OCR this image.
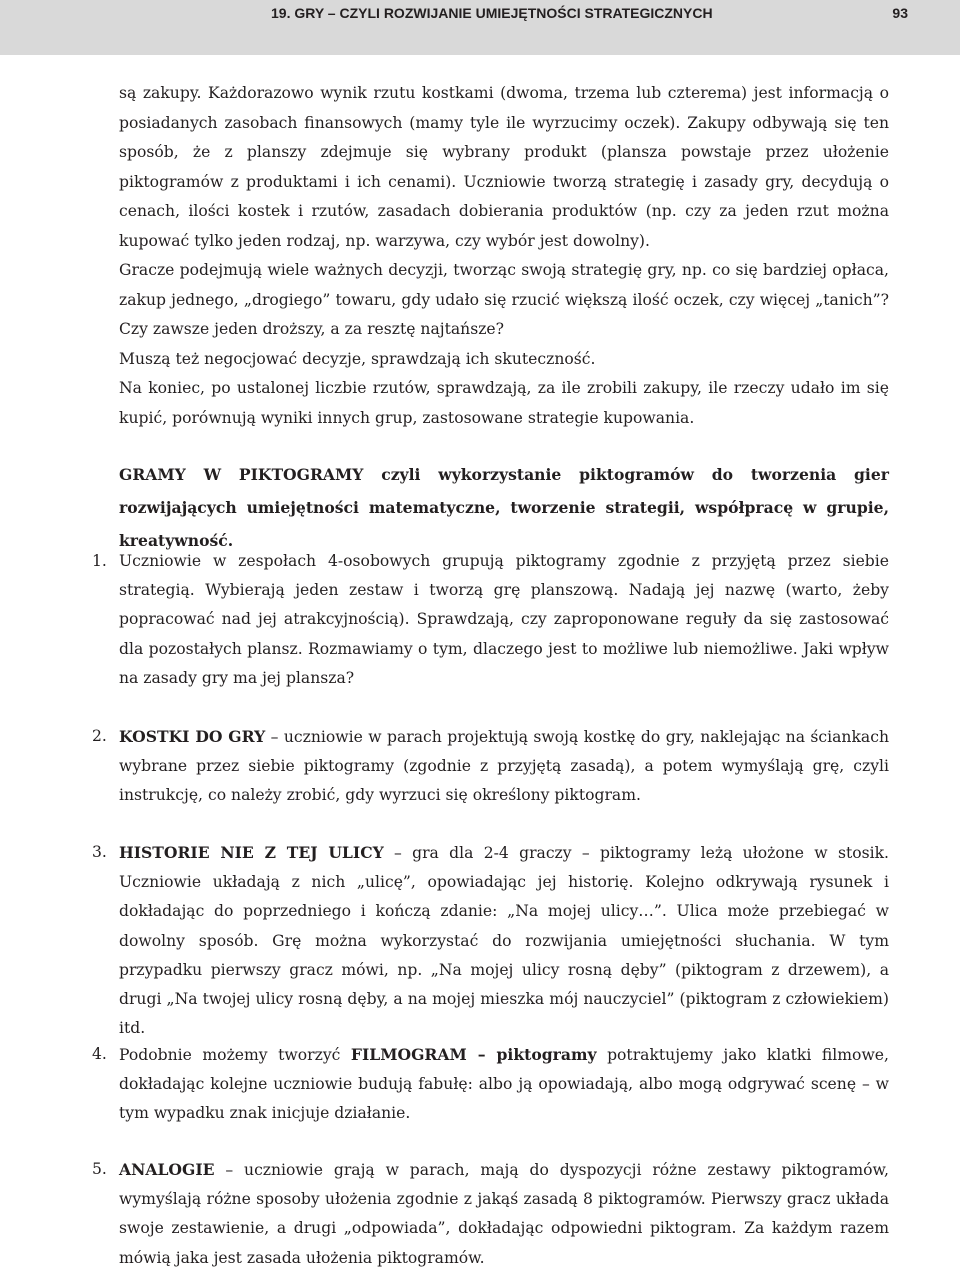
19. GRY – CZYLI ROZWIJANIE UMIEJĘTNOŚCI STRATEGICZNYCH	93

są zakupy. Każdorazowo wynik rzutu kostkami (dwoma, trzema lub czterema) jest informacją o posiadanych zasobach finansowych (mamy tyle ile wyrzucimy oczek). Zakupy odbywają się ten sposób, że z planszy zdejmuje się wybrany produkt (plansza powstaje przez ułożenie piktogramów z produktami i ich cenami). Uczniowie tworzą strategię i zasady gry, decydują o cenach, ilości kostek i rzutów, zasadach dobierania produktów (np. czy za jeden rzut można kupować tylko jeden rodzaj, np. warzywa, czy wybór jest dowolny).

Gracze podejmują wiele ważnych decyzji, tworząc swoją strategię gry, np. co się bardziej opłaca, zakup jednego, „drogiego” towaru, gdy udało się rzucić większą ilość oczek, czy więcej „tanich”? Czy zawsze jeden droższy, a za resztę najtańsze?

Muszą też negocjować decyzje, sprawdzają ich skuteczność.

Na koniec, po ustalonej liczbie rzutów, sprawdzają, za ile zrobili zakupy, ile rzeczy udało im się kupić, porównują wyniki innych grup, zastosowane strategie kupowania.

GRAMY W PIKTOGRAMY czyli wykorzystanie piktogramów do tworzenia gier rozwijających umiejętności matematyczne, tworzenie strategii, współpracę w grupie, kreatywność.

1. Uczniowie w zespołach 4-osobowych grupują piktogramy zgodnie z przyjętą przez siebie strategią. Wybierają jeden zestaw i tworzą grę planszową. Nadają jej nazwę (warto, żeby popracować nad jej atrakcyjnością). Sprawdzają, czy zaproponowane reguły da się zastosować dla pozostałych plansz. Rozmawiamy o tym, dlaczego jest to możliwe lub niemożliwe. Jaki wpływ na zasady gry ma jej plansza?
2. KOSTKI DO GRY – uczniowie w parach projektują swoją kostkę do gry, naklejając na ściankach wybrane przez siebie piktogramy (zgodnie z przyjętą zasadą), a potem wymyślają grę, czyli instrukcję, co należy zrobić, gdy wyrzuci się określony piktogram.
3. HISTORIE NIE Z TEJ ULICY – gra dla 2-4 graczy – piktogramy leżą ułożone w stosik. Uczniowie układają z nich „ulicę”, opowiadając jej historię. Kolejno odkrywają rysunek i dokładając do poprzedniego i kończą zdanie: „Na mojej ulicy…”. Ulica może przebiegać w dowolny sposób. Grę można wykorzystać do rozwijania umiejętności słuchania. W tym przypadku pierwszy gracz mówi, np. „Na mojej ulicy rosną dęby” (piktogram z drzewem), a drugi „Na twojej ulicy rosną dęby, a na mojej mieszka mój nauczyciel” (piktogram z człowiekiem) itd.
4. Podobnie możemy tworzyć FILMOGRAM – piktogramy potraktujemy jako klatki filmowe, dokładając kolejne uczniowie budują fabułę: albo ją opowiadają, albo mogą odgrywać scenę – w tym wypadku znak inicjuje działanie.
5. ANALOGIE – uczniowie grają w parach, mają do dyspozycji różne zestawy piktogramów, wymyślają różne sposoby ułożenia zgodnie z jakąś zasadą 8 piktogramów. Pierwszy gracz układa swoje zestawienie, a drugi „odpowiada”, dokładając odpowiedni piktogram. Za każdym razem mówią jaka jest zasada ułożenia piktogramów.
